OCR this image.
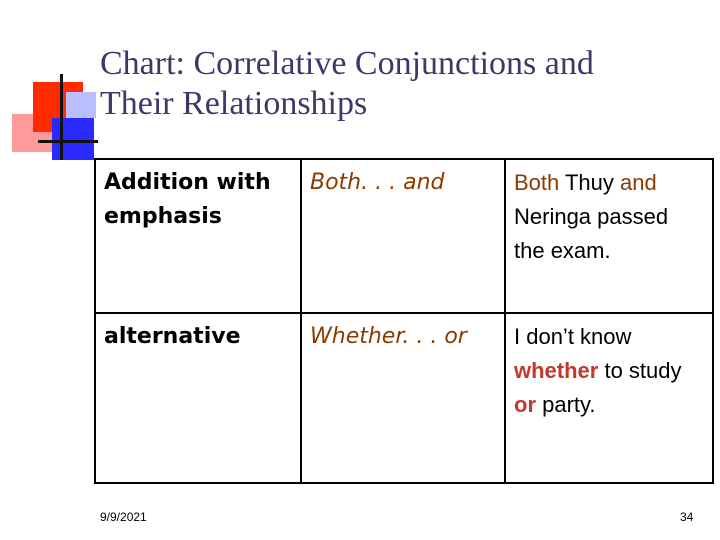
Chart: Correlative Conjunctions and
Their Relationships
Addition with emphasis	Both. . . and	Both Thuy and Neringa passed the exam.
alternative	Whether. . . or	I don’t know whether to study or party.
9/9/2021	34
